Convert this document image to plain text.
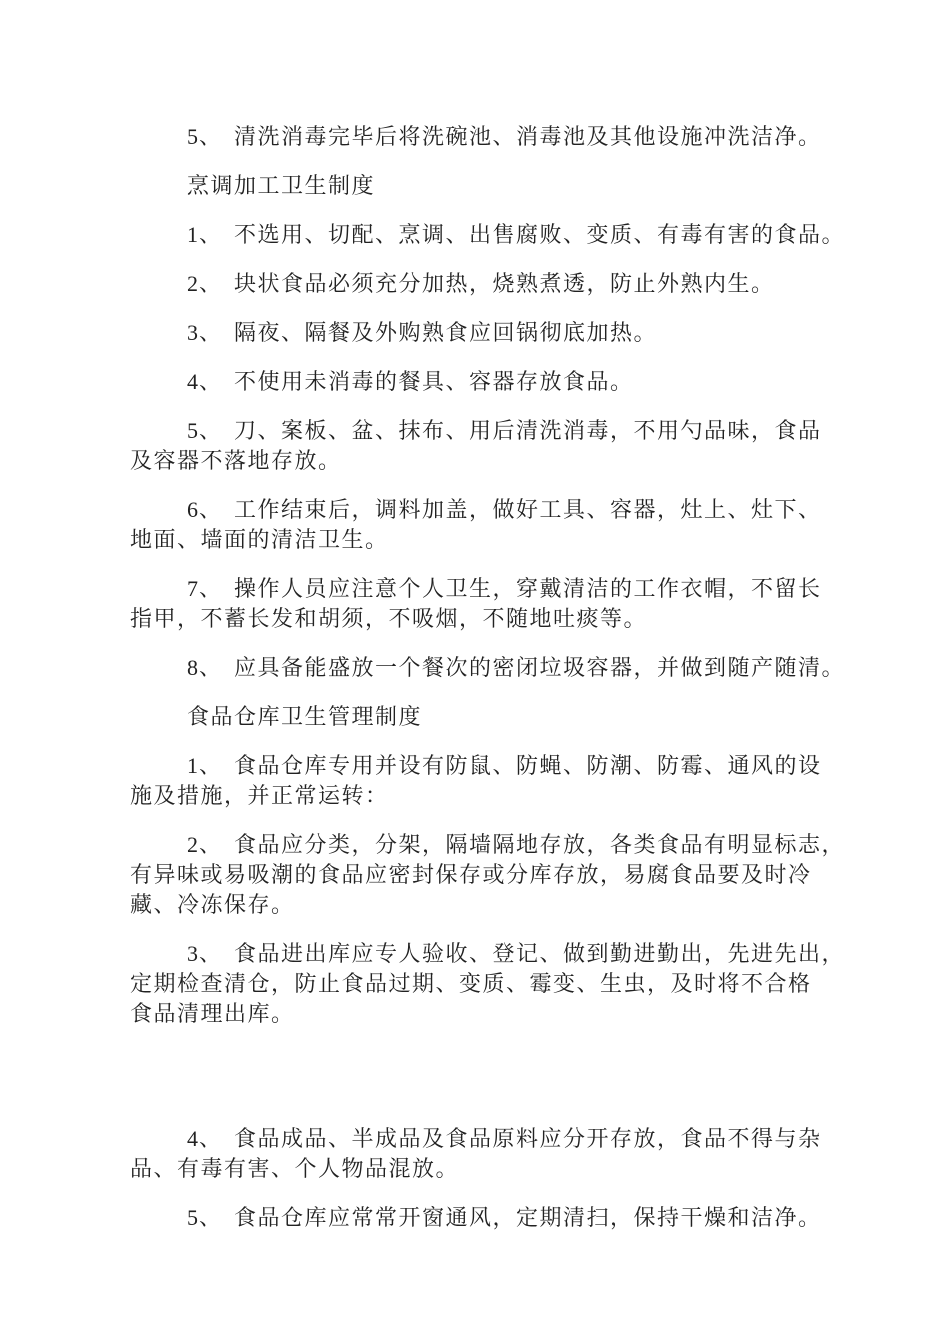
5、 清洗消毒完毕后将洗碗池、消毒池及其他设施冲洗洁净。
烹调加工卫生制度
1、 不选用、切配、烹调、出售腐败、变质、有毒有害的食品。
2、 块状食品必须充分加热，烧熟煮透，防止外熟内生。
3、 隔夜、隔餐及外购熟食应回锅彻底加热。
4、 不使用未消毒的餐具、容器存放食品。
5、 刀、案板、盆、抹布、用后清洗消毒，不用勺品味，食品
及容器不落地存放。
6、 工作结束后，调料加盖，做好工具、容器，灶上、灶下、
地面、墙面的清洁卫生。
7、 操作人员应注意个人卫生，穿戴清洁的工作衣帽，不留长
指甲，不蓄长发和胡须，不吸烟，不随地吐痰等。
8、 应具备能盛放一个餐次的密闭垃圾容器，并做到随产随清。
食品仓库卫生管理制度
1、 食品仓库专用并设有防鼠、防蝇、防潮、防霉、通风的设
施及措施，并正常运转：
2、 食品应分类，分架，隔墙隔地存放，各类食品有明显标志，
有异味或易吸潮的食品应密封保存或分库存放，易腐食品要及时冷
藏、冷冻保存。
3、 食品进出库应专人验收、登记、做到勤进勤出，先进先出，
定期检查清仓，防止食品过期、变质、霉变、生虫，及时将不合格
食品清理出库。
4、 食品成品、半成品及食品原料应分开存放，食品不得与杂
品、有毒有害、个人物品混放。
5、 食品仓库应常常开窗通风，定期清扫，保持干燥和洁净。
